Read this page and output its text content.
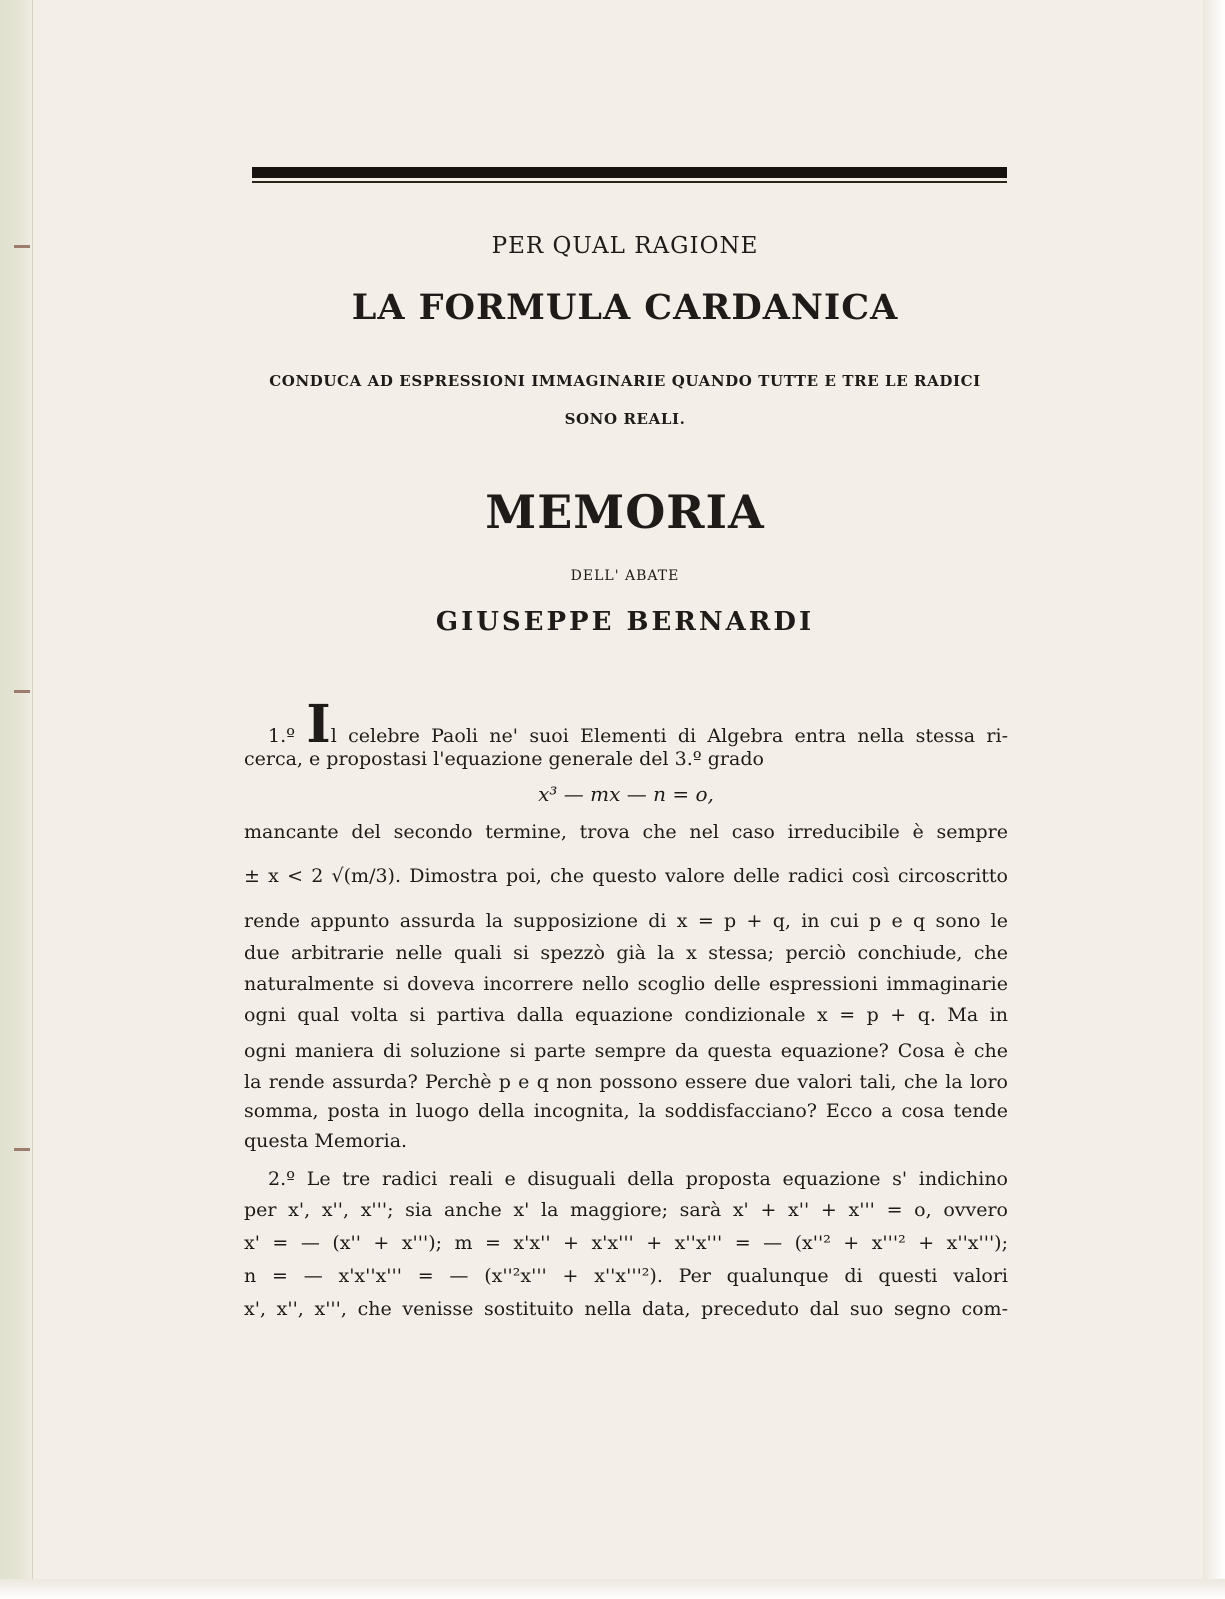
PER QUAL RAGIONE
LA FORMULA CARDANICA
CONDUCA AD ESPRESSIONI IMMAGINARIE QUANDO TUTTE E TRE LE RADICI
SONO REALI.
MEMORIA
DELL' ABATE
GIUSEPPE BERNARDI
1.º Il celebre Paoli ne' suoi Elementi di Algebra entra nella stessa ri-
cerca, e propostasi l'equazione generale del 3.º grado
x³ — mx — n = o,
mancante del secondo termine, trova che nel caso irreducibile è sempre
± x < 2 √(m/3). Dimostra poi, che questo valore delle radici così circoscritto
rende appunto assurda la supposizione di x = p + q, in cui p e q sono le
due arbitrarie nelle quali si spezzò già la x stessa; perciò conchiude, che
naturalmente si doveva incorrere nello scoglio delle espressioni immaginarie
ogni qual volta si partiva dalla equazione condizionale x = p + q. Ma in
ogni maniera di soluzione si parte sempre da questa equazione? Cosa è che
la rende assurda? Perchè p e q non possono essere due valori tali, che la loro
somma, posta in luogo della incognita, la soddisfacciano? Ecco a cosa tende
questa Memoria.
2.º Le tre radici reali e disuguali della proposta equazione s' indichino
per x', x'', x'''; sia anche x' la maggiore; sarà x' + x'' + x''' = o, ovvero
x' = — (x'' + x'''); m = x'x'' + x'x''' + x''x''' = — (x''² + x'''² + x''x''');
n = — x'x''x''' = — (x''²x''' + x''x'''²). Per qualunque di questi valori
x', x'', x''', che venisse sostituito nella data, preceduto dal suo segno com-
